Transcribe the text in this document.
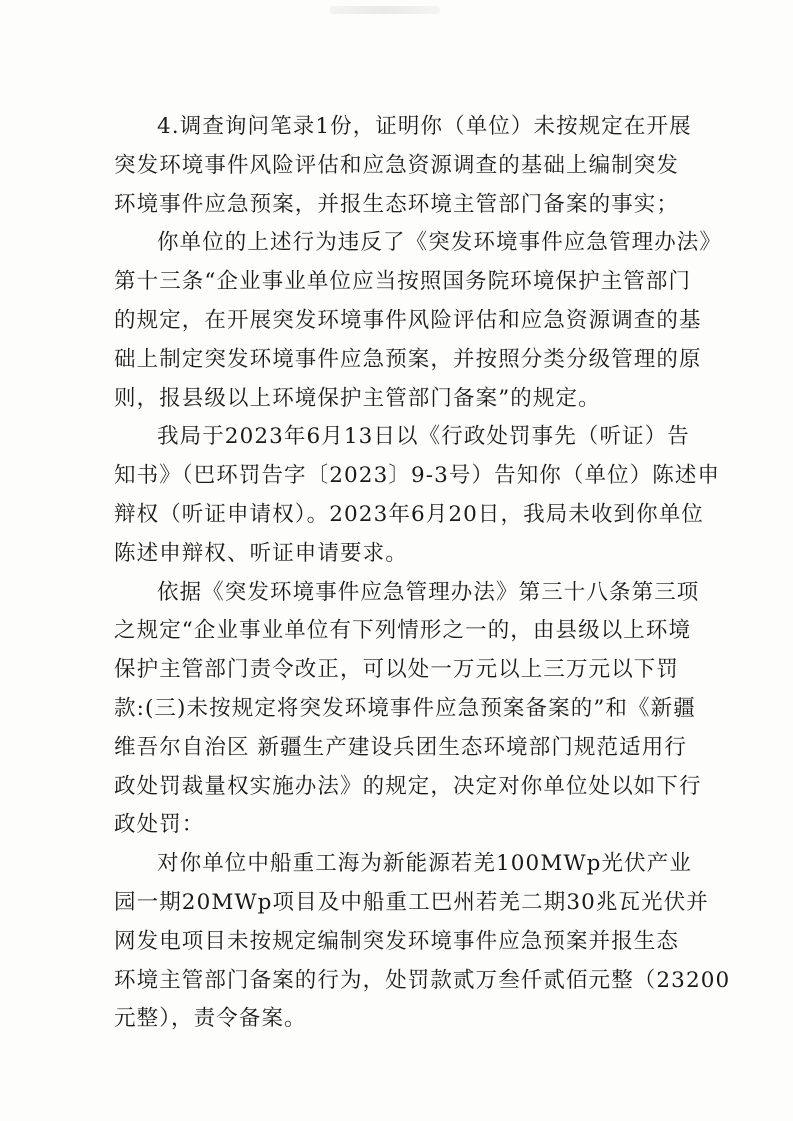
4.调查询问笔录1份，证明你（单位）未按规定在开展
突发环境事件风险评估和应急资源调查的基础上编制突发
环境事件应急预案，并报生态环境主管部门备案的事实；
你单位的上述行为违反了《突发环境事件应急管理办法》
第十三条“企业事业单位应当按照国务院环境保护主管部门
的规定，在开展突发环境事件风险评估和应急资源调查的基
础上制定突发环境事件应急预案，并按照分类分级管理的原
则，报县级以上环境保护主管部门备案”的规定。
我局于2023年6月13日以《行政处罚事先（听证）告
知书》（巴环罚告字〔2023〕9-3号）告知你（单位）陈述申
辩权（听证申请权）。2023年6月20日，我局未收到你单位
陈述申辩权、听证申请要求。
依据《突发环境事件应急管理办法》第三十八条第三项
之规定“企业事业单位有下列情形之一的，由县级以上环境
保护主管部门责令改正，可以处一万元以上三万元以下罚
款:(三)未按规定将突发环境事件应急预案备案的”和《新疆
维吾尔自治区 新疆生产建设兵团生态环境部门规范适用行
政处罚裁量权实施办法》的规定，决定对你单位处以如下行
政处罚：
对你单位中船重工海为新能源若羌100MWp光伏产业
园一期20MWp项目及中船重工巴州若羌二期30兆瓦光伏并
网发电项目未按规定编制突发环境事件应急预案并报生态
环境主管部门备案的行为，处罚款贰万叁仟贰佰元整（23200
元整），责令备案。
